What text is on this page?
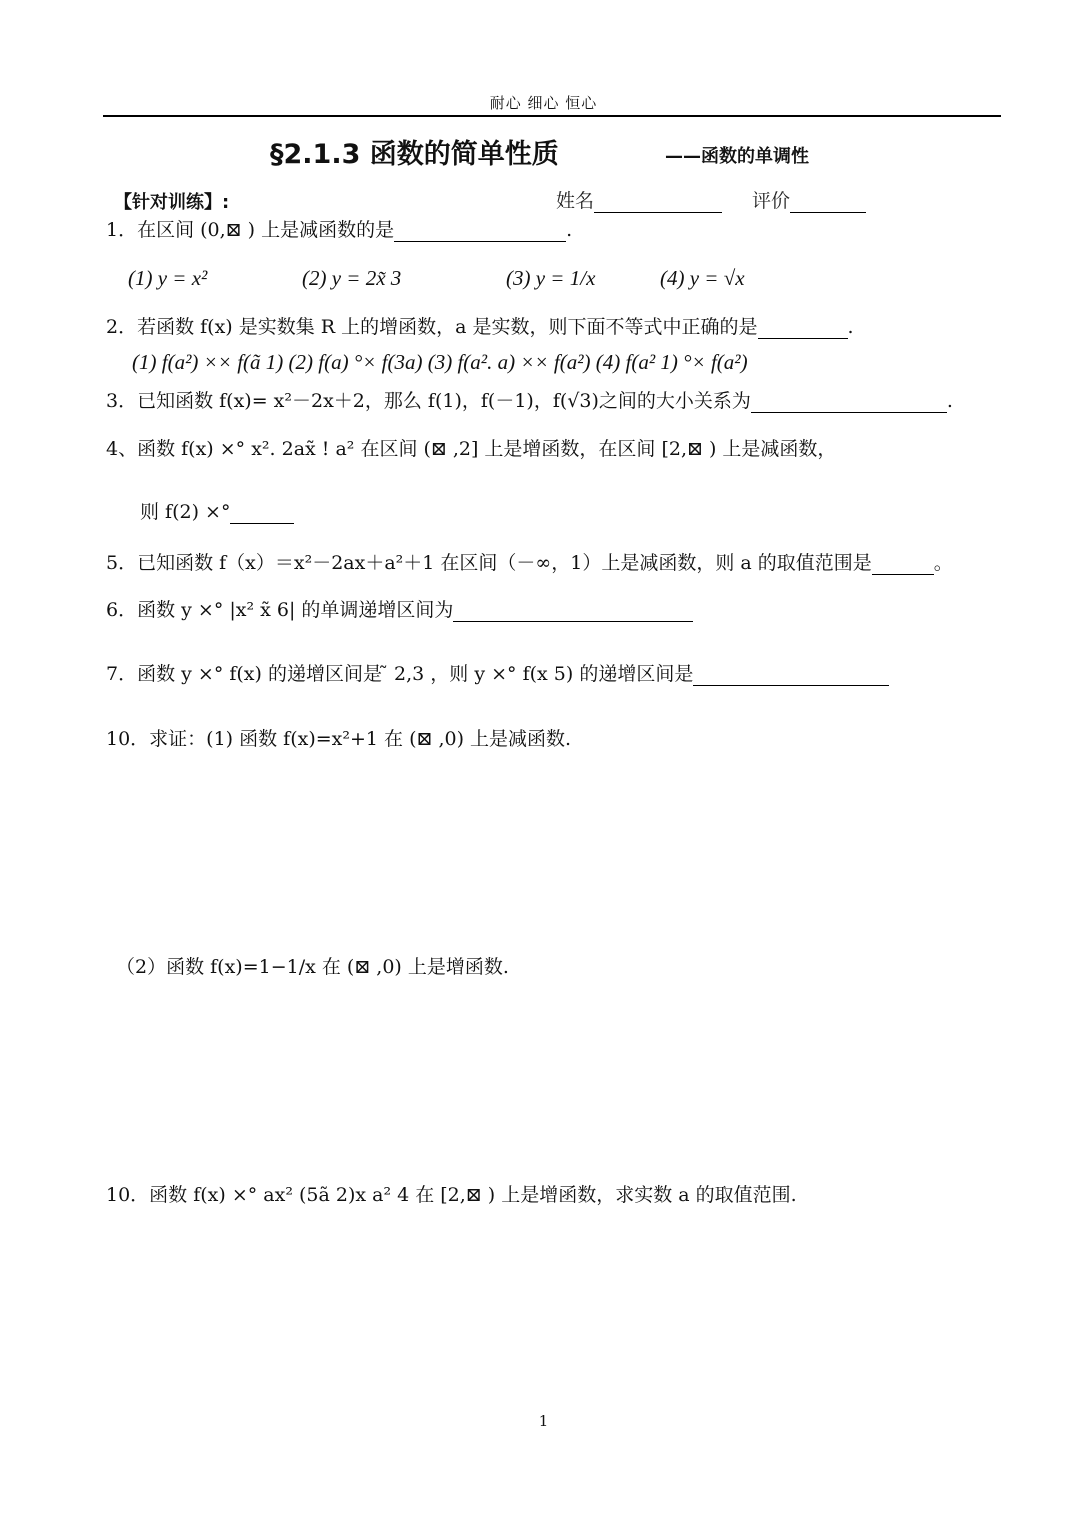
耐心 细心 恒心
§2.1.3 函数的简单性质	——函数的单调性
【针对训练】:	姓名	评价
1．在区间 (0,⊠ ) 上是减函数的是	.
(1) y = x²	(2) y = 2x̃ 3	(3) y = 1/x	(4) y = √x
2．若函数 f(x) 是实数集 R 上的增函数，a 是实数，则下面不等式中正确的是	.
(1) f(a²) ×× f(ã 1) (2) f(a) °× f(3a) (3) f(a². a) ×× f(a²) (4) f(a² 1) °× f(a²)
3．已知函数 f(x)= x²－2x＋2，那么 f(1)，f(－1)，f(√3)之间的大小关系为	.
4、函数 f(x) ×° x². 2ax̃ ! a² 在区间 (⊠ ,2] 上是增函数，在区间 [2,⊠ ) 上是减函数，
则 f(2) ×°
5．已知函数 f（x）＝x²－2ax＋a²＋1 在区间（－∞，1）上是减函数，则 a 的取值范围是	。
6．函数 y ×° |x² x̃ 6| 的单调递增区间为
7．函数 y ×° f(x) 的递增区间是 ̃ 2,3 ，则 y ×° f(x 5) 的递增区间是
10．求证：(1) 函数 f(x)=x²+1 在 (⊠ ,0) 上是减函数.
（2）函数 f(x)=1−1/x 在 (⊠ ,0) 上是增函数.
10．函数 f(x) ×° ax² (5ã 2)x a² 4 在 [2,⊠ ) 上是增函数，求实数 a 的取值范围.
1
